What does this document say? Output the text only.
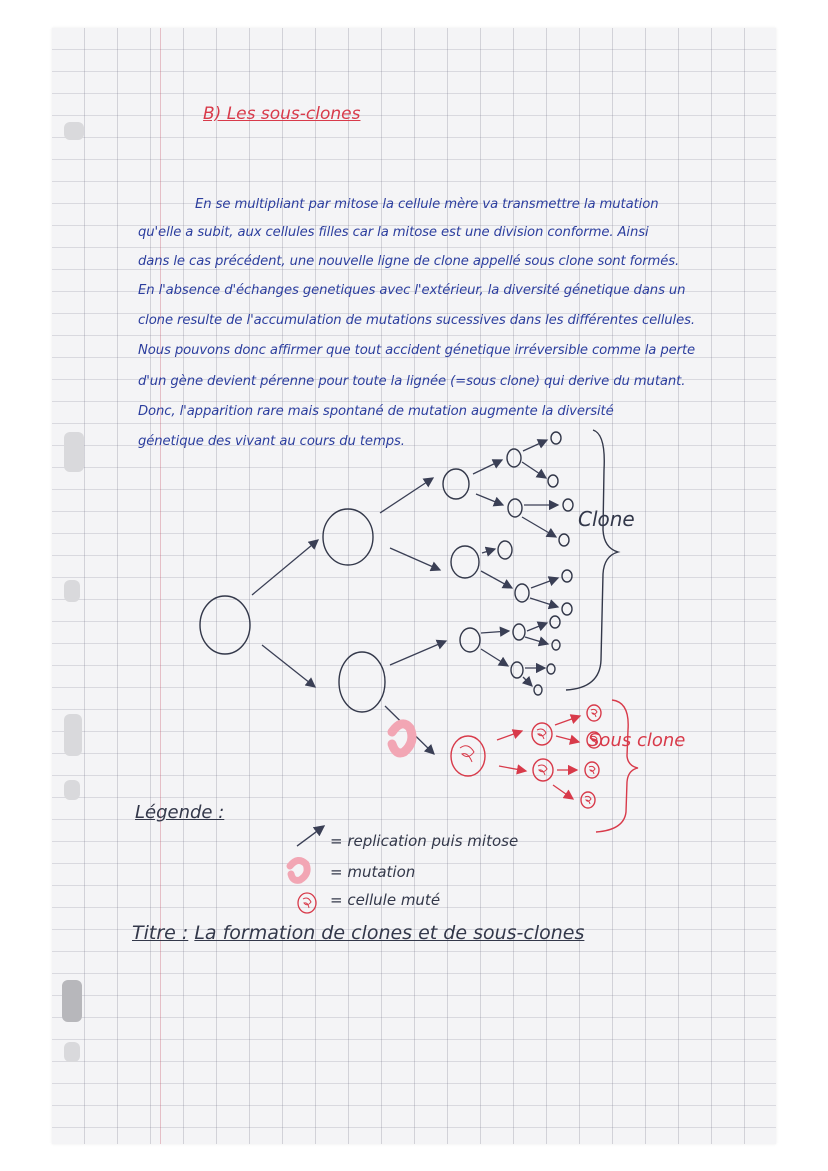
B) Les sous-clones
En se multipliant par mitose la cellule mère va transmettre la mutation
qu'elle a subit, aux cellules filles car la mitose est une division conforme. Ainsi
dans le cas précédent, une nouvelle ligne de clone appellé sous clone sont formés.
En l'absence d'échanges genetiques avec l'extérieur, la diversité génetique dans un
clone resulte de l'accumulation de mutations sucessives dans les différentes cellules.
Nous pouvons donc affirmer que tout accident génetique irréversible comme la perte
d'un gène devient pérenne pour toute la lignée (=sous clone) qui derive du mutant.
Donc, l'apparition rare mais spontané de mutation augmente la diversité
génetique des vivant au cours du temps.
Clone
Sous clone
Légende :
= replication puis mitose
= mutation
= cellule muté
Titre : La formation de clones et de sous-clones
